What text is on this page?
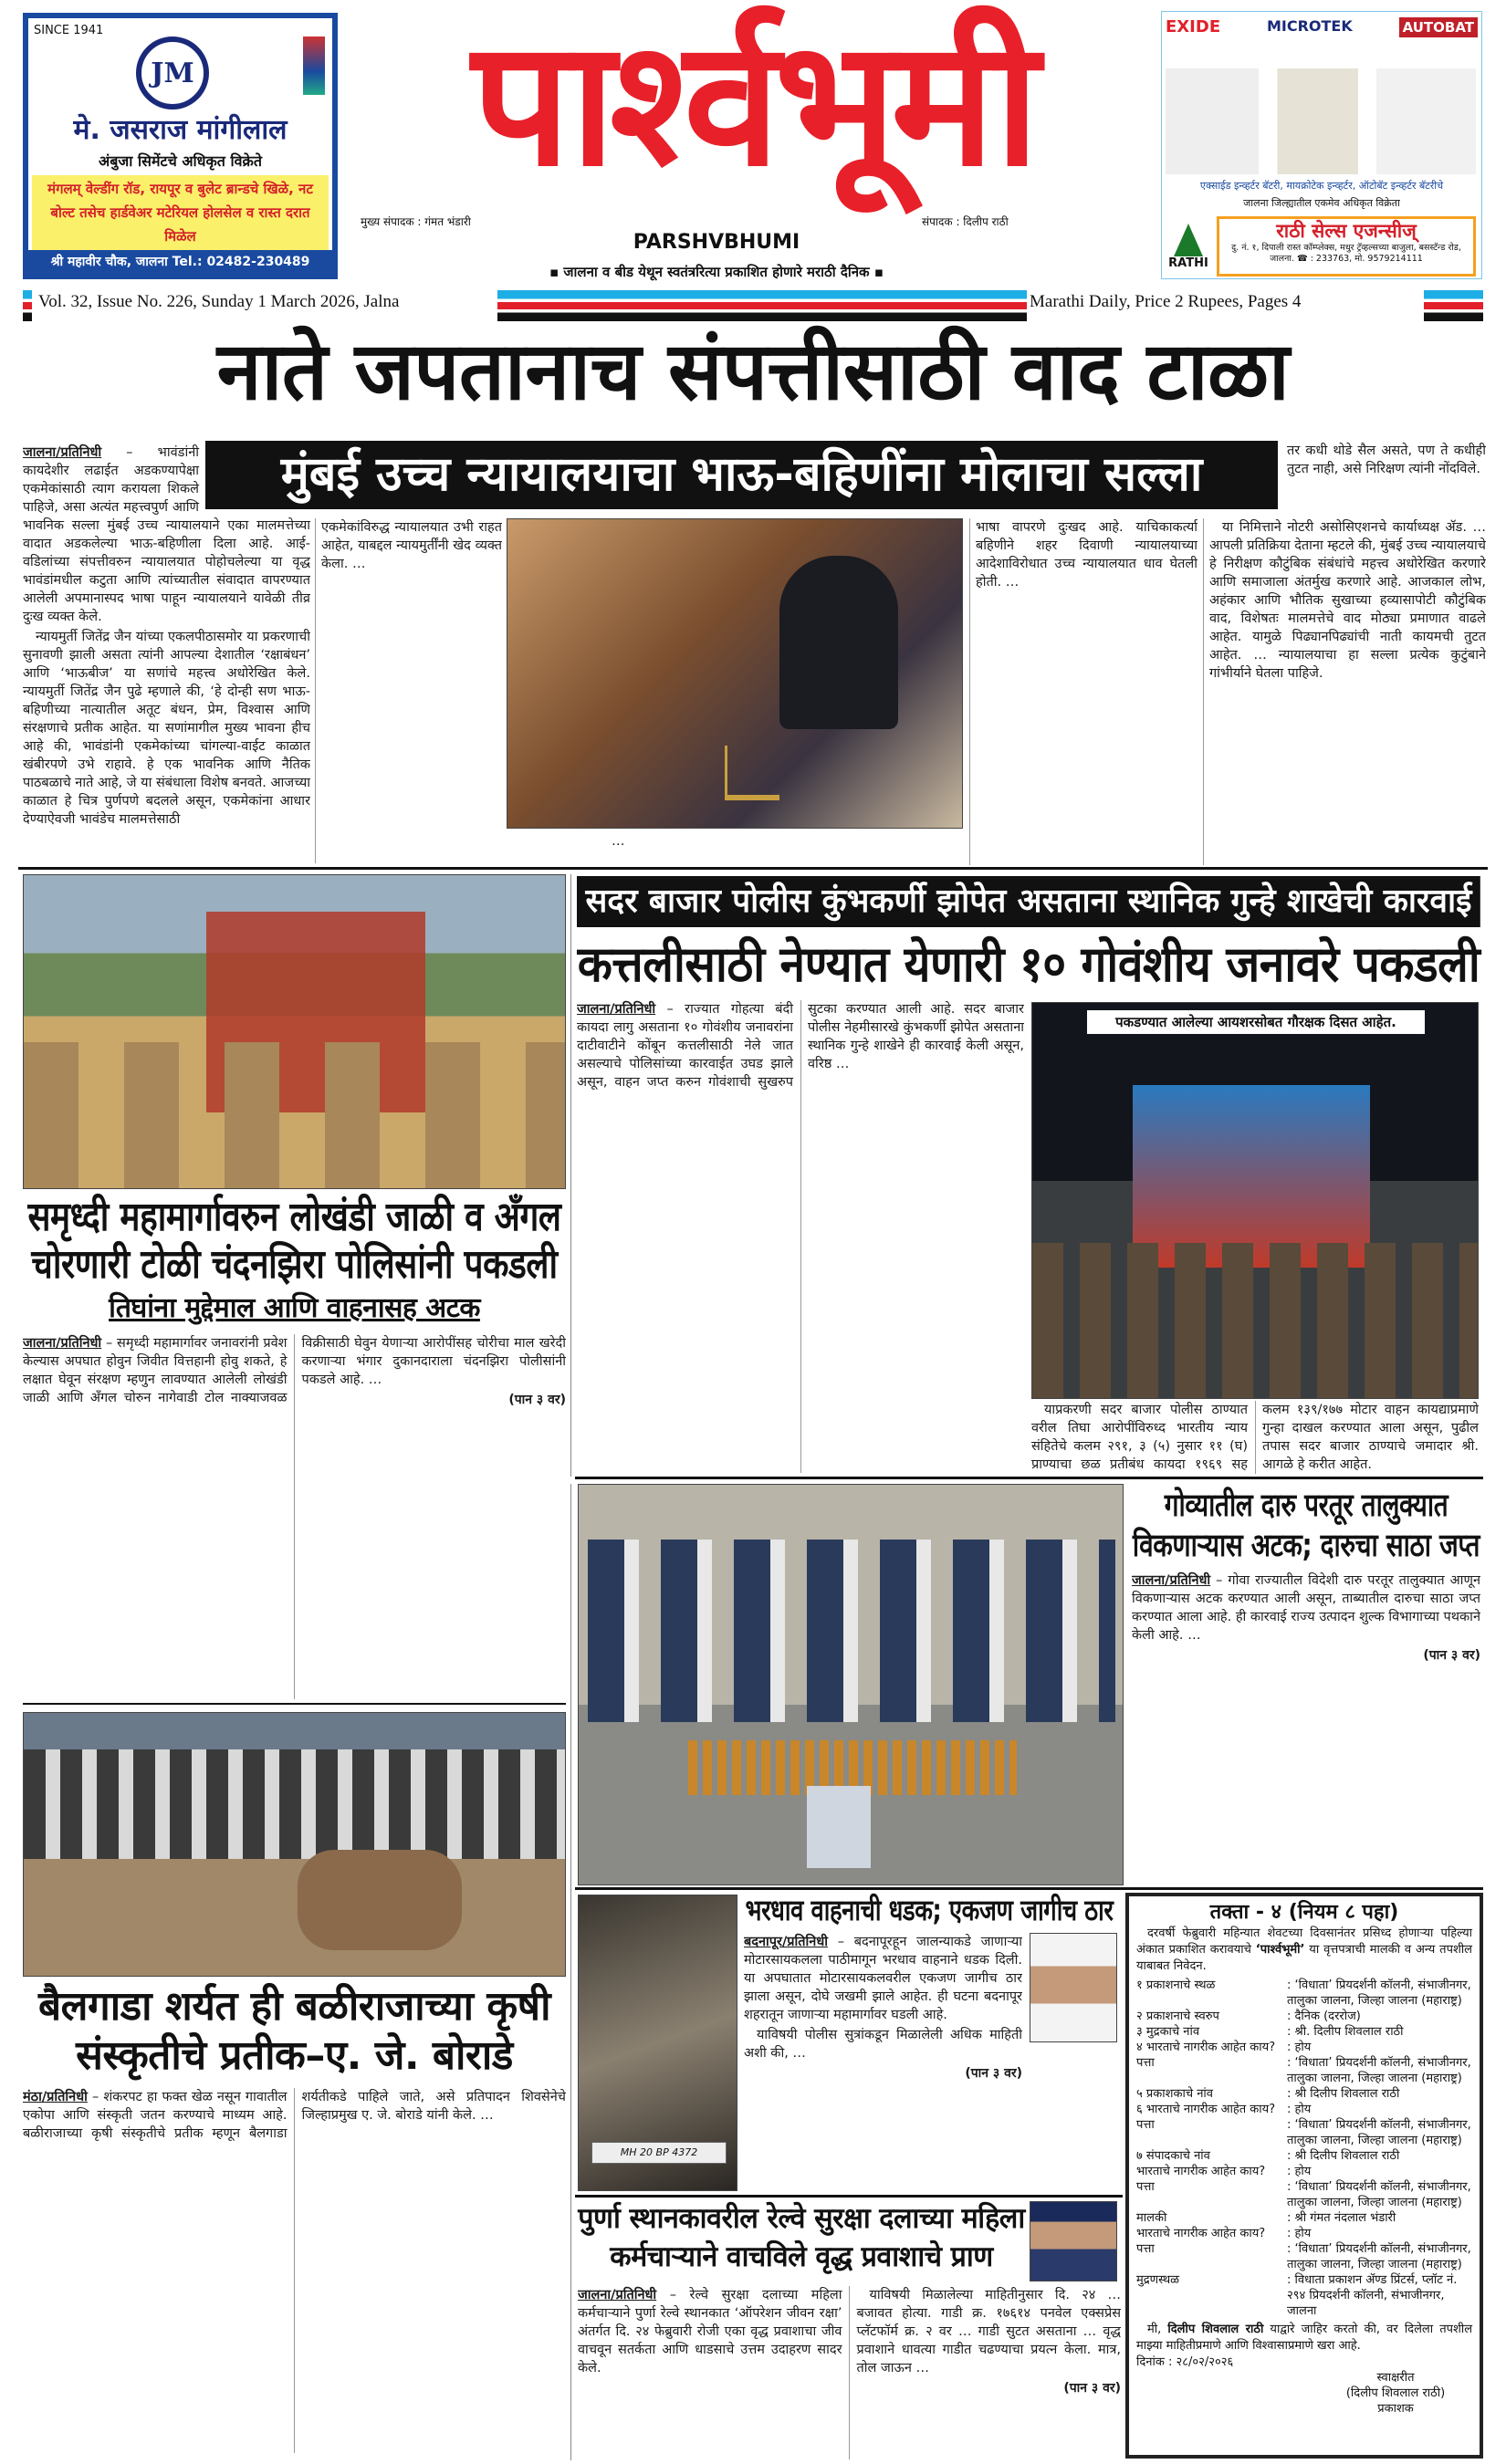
SINCE 1941
JM
मे. जसराज मांगीलाल
अंबुजा सिमेंटचे अधिकृत विक्रेते
मंगलम् वेल्डींग रॉड, रायपूर व बुलेट ब्रान्डचे खिळे, नट बोल्ट तसेच हार्डवेअर मटेरियल होलसेल व रास्त दरात मिळेल
श्री महावीर चौक, जालना Tel.: 02482-230489
पार्श्वभूमी
मुख्य संपादक : गंमत भंडारी	संपादक : दिलीप राठी
PARSHVBHUMI
▪ जालना व बीड येथून स्वतंत्ररित्या प्रकाशित होणारे मराठी दैनिक ▪
EXIDE	MICROTEK	AUTOBAT
एक्साईड इन्व्हर्टर बॅटरी, मायक्रोटेक इन्व्हर्टर, ऑटोबॅट इन्व्हर्टर बॅटरीचे
जालना जिल्ह्यातील एकमेव अधिकृत विक्रेता
RATHI
राठी सेल्स एजन्सीज्
दु. नं. १, दिपाली रास्त कॉम्प्लेक्स, मधुर ट्रॅव्हल्सच्या बाजुला, बसस्टॅन्ड रोड, जालना. ☎ : 233763, मो. 9579214111
Vol. 32, Issue No. 226, Sunday 1 March 2026, Jalna	Marathi Daily, Price 2 Rupees, Pages 4
नाते जपतानाच संपत्तीसाठी वाद टाळा
मुंबई उच्च न्यायालयाचा भाऊ-बहिणींना मोलाचा सल्ला

जालना/प्रतिनिधी – भावंडांनी कायदेशीर लढाईत अडकण्यापेक्षा एकमेकांसाठी त्याग करायला शिकले पाहिजे, असा अत्यंत महत्त्वपुर्ण आणि भावनिक सल्ला मुंबई उच्च न्यायालयाने एका मालमत्तेच्या वादात अडकलेल्या भाऊ-बहिणीला दिला आहे. आई-वडिलांच्या संपत्तीवरुन न्यायालयात पोहोचलेल्या या वृद्ध भावंडांमधील कटुता आणि त्यांच्यातील संवादात वापरण्यात आलेली अपमानास्पद भाषा पाहून न्यायालयाने यावेळी तीव्र दुःख व्यक्त केले.

न्यायमुर्ती जितेंद्र जैन यांच्या एकलपीठासमोर या प्रकरणाची सुनावणी झाली असता त्यांनी आपल्या देशातील ‘रक्षाबंधन’ आणि ‘भाऊबीज’ या सणांचे महत्त्व अधोरेखित केले. न्यायमुर्ती जितेंद्र जैन पुढे म्हणाले की, ‘हे दोन्ही सण भाऊ-बहिणीच्या नात्यातील अतूट बंधन, प्रेम, विश्वास आणि संरक्षणाचे प्रतीक आहेत. या सणांमागील मुख्य भावना हीच आहे की, भावंडांनी एकमेकांच्या चांगल्या-वाईट काळात खंबीरपणे उभे राहावे. हे एक भावनिक आणि नैतिक पाठबळाचे नाते आहे, जे या संबंधाला विशेष बनवते. आजच्या काळात हे चित्र पुर्णपणे बदलले असून, एकमेकांना आधार देण्याऐवजी भावंडेच मालमत्तेसाठी

एकमेकांविरुद्ध न्यायालयात उभी राहत आहेत, याबद्दल न्यायमुर्तींनी खेद व्यक्त केला. …

…

भाषा वापरणे दुःखद आहे. याचिकाकर्त्या बहिणीने शहर दिवाणी न्यायालयाच्या आदेशाविरोधात उच्च न्यायालयात धाव घेतली होती. …

तर कधी थोडे सैल असते, पण ते कधीही तुटत नाही, असे निरिक्षण त्यांनी नोंदविले.

या निमित्ताने नोटरी असोसिएशनचे कार्याध्यक्ष ॲड. … आपली प्रतिक्रिया देताना म्हटले की, मुंबई उच्च न्यायालयाचे हे निरीक्षण कौटुंबिक संबंधांचे महत्त्व अधोरेखित करणारे आणि समाजाला अंतर्मुख करणारे आहे. आजकाल लोभ, अहंकार आणि भौतिक सुखाच्या हव्यासापोटी कौटुंबिक वाद, विशेषतः मालमत्तेचे वाद मोठ्या प्रमाणात वाढले आहेत. यामुळे पिढ्यानपिढ्यांची नाती कायमची तुटत आहेत. … न्यायालयाचा हा सल्ला प्रत्येक कुटुंबाने गांभीर्याने घेतला पाहिजे.

समृध्दी महामार्गावरुन लोखंडी जाळी व अँगल चोरणारी टोळी चंदनझिरा पोलिसांनी पकडली
तिघांना मुद्देमाल आणि वाहनासह अटक

जालना/प्रतिनिधी – समृध्दी महामार्गावर जनावरांनी प्रवेश केल्यास अपघात होवुन जिवीत वित्तहानी होवु शकते, हे लक्षात घेवून संरक्षण म्हणुन लावण्यात आलेली लोखंडी जाळी आणि अँगल चोरुन नागेवाडी टोल नाक्याजवळ विक्रीसाठी घेवुन येणाऱ्या आरोपींसह चोरीचा माल खरेदी करणाऱ्या भंगार दुकानदाराला चंदनझिरा पोलीसांनी पकडले आहे. …

(पान ३ वर)
सदर बाजार पोलीस कुंभकर्णी झोपेत असताना स्थानिक गुन्हे शाखेची कारवाई
कत्तलीसाठी नेण्यात येणारी १० गोवंशीय जनावरे पकडली

जालना/प्रतिनिधी – राज्यात गोहत्या बंदी कायदा लागु असताना १० गोवंशीय जनावरांना दाटीवाटीने कोंबून कत्तलीसाठी नेले जात असल्याचे पोलिसांच्या कारवाईत उघड झाले असून, वाहन जप्त करुन गोवंशाची सुखरुप सुटका करण्यात आली आहे. सदर बाजार पोलीस नेहमीसारखे कुंभकर्णी झोपेत असताना स्थानिक गुन्हे शाखेने ही कारवाई केली असून, वरिष्ठ …

पकडण्यात आलेल्या आयशरसोबत गौरक्षक दिसत आहेत.

याप्रकरणी सदर बाजार पोलीस ठाण्यात वरील तिघा आरोपींविरुध्द भारतीय न्याय संहितेचे कलम २९१, ३ (५) नुसार ११ (घ) प्राण्याचा छळ प्रतीबंध कायदा १९६९ सह कलम १३९/१७७ मोटार वाहन कायद्याप्रमाणे गुन्हा दाखल करण्यात आला असून, पुढील तपास सदर बाजार ठाण्याचे जमादार श्री. आगळे हे करीत आहेत.

गोव्यातील दारु परतूर तालुक्यात विकणाऱ्यास अटक; दारुचा साठा जप्त

जालना/प्रतिनिधी – गोवा राज्यातील विदेशी दारु परतूर तालुक्यात आणून विकणाऱ्यास अटक करण्यात आली असून, ताब्यातील दारुचा साठा जप्त करण्यात आला आहे. ही कारवाई राज्य उत्पादन शुल्क विभागाच्या पथकाने केली आहे. …

(पान ३ वर)
बैलगाडा शर्यत ही बळीराजाच्या कृषी संस्कृतीचे प्रतीक–ए. जे. बोराडे

मंठा/प्रतिनिधी – शंकरपट हा फक्त खेळ नसून गावातील एकोपा आणि संस्कृती जतन करण्याचे माध्यम आहे. बळीराजाच्या कृषी संस्कृतीचे प्रतीक म्हणून बैलगाडा शर्यतीकडे पाहिले जाते, असे प्रतिपादन शिवसेनेचे जिल्हाप्रमुख ए. जे. बोराडे यांनी केले. …

MH 20 BP 4372
भरधाव वाहनाची धडक; एकजण जागीच ठार

बदनापूर/प्रतिनिधी – बदनापूरहून जालन्याकडे जाणाऱ्या मोटारसायकलला पाठीमागून भरधाव वाहनाने धडक दिली. या अपघातात मोटारसायकलवरील एकजण जागीच ठार झाला असून, दोघे जखमी झाले आहेत. ही घटना बदनापूर शहरातून जाणाऱ्या महामार्गावर घडली आहे.

याविषयी पोलीस सुत्रांकडून मिळालेली अधिक माहिती अशी की, …

(पान ३ वर)
पुर्णा स्थानकावरील रेल्वे सुरक्षा दलाच्या महिला कर्मचाऱ्याने वाचविले वृद्ध प्रवाशाचे प्राण

जालना/प्रतिनिधी – रेल्वे सुरक्षा दलाच्या महिला कर्मचाऱ्याने पुर्णा रेल्वे स्थानकात ‘ऑपरेशन जीवन रक्षा’ अंतर्गत दि. २४ फेब्रुवारी रोजी एका वृद्ध प्रवाशाचा जीव वाचवून सतर्कता आणि धाडसाचे उत्तम उदाहरण सादर केले.

याविषयी मिळालेल्या माहितीनुसार दि. २४ … बजावत होत्या. गाडी क्र. १७६१४ पनवेल एक्सप्रेस प्लॅटफॉर्म क्र. २ वर … गाडी सुटत असताना … वृद्ध प्रवाशाने धावत्या गाडीत चढण्याचा प्रयत्न केला. मात्र, तोल जाऊन …

(पान ३ वर)
तक्ता - ४ (नियम ८ पहा)
दरवर्षी फेब्रुवारी महिन्यात शेवटच्या दिवसानंतर प्रसिध्द होणाऱ्या पहिल्या अंकात प्रकाशित करावयाचे ‘पार्श्वभूमी’ या वृत्तपत्राची मालकी व अन्य तपशील याबाबत निवेदन.
१ प्रकाशनाचे स्थळ	: ‘विधाता’ प्रियदर्शनी कॉलनी, संभाजीनगर, तालुका जालना, जिल्हा जालना (महाराष्ट्र)
२ प्रकाशनाचे स्वरुप	: दैनिक (दररोज)
३ मुद्रकाचे नांव	: श्री. दिलीप शिवलाल राठी
४ भारताचे नागरीक आहेत काय? : होय
पत्ता	: ‘विधाता’ प्रियदर्शनी कॉलनी, संभाजीनगर, तालुका जालना, जिल्हा जालना (महाराष्ट्र)
५ प्रकाशकाचे नांव	: श्री दिलीप शिवलाल राठी
६ भारताचे नागरीक आहेत काय? : होय
पत्ता	: ‘विधाता’ प्रियदर्शनी कॉलनी, संभाजीनगर, तालुका जालना, जिल्हा जालना (महाराष्ट्र)
७ संपादकाचे नांव	: श्री दिलीप शिवलाल राठी
भारताचे नागरीक आहेत काय?	: होय
पत्ता	: ‘विधाता’ प्रियदर्शनी कॉलनी, संभाजीनगर, तालुका जालना, जिल्हा जालना (महाराष्ट्र)
मालकी	: श्री गंमत नंदलाल भंडारी
भारताचे नागरीक आहेत काय?	: होय
पत्ता	: ‘विधाता’ प्रियदर्शनी कॉलनी, संभाजीनगर, तालुका जालना, जिल्हा जालना (महाराष्ट्र)
मुद्रणस्थळ	: विधाता प्रकाशन ॲण्ड प्रिंटर्स, प्लॉट नं. २९४ प्रियदर्शनी कॉलनी, संभाजीनगर, जालना
मी, दिलीप शिवलाल राठी याद्वारे जाहिर करतो की, वर दिलेला तपशील माझ्या माहितीप्रमाणे आणि विश्वासाप्रमाणे खरा आहे.
दिनांक : २८/०२/२०२६
स्वाक्षरीत
(दिलीप शिवलाल राठी)
प्रकाशक
